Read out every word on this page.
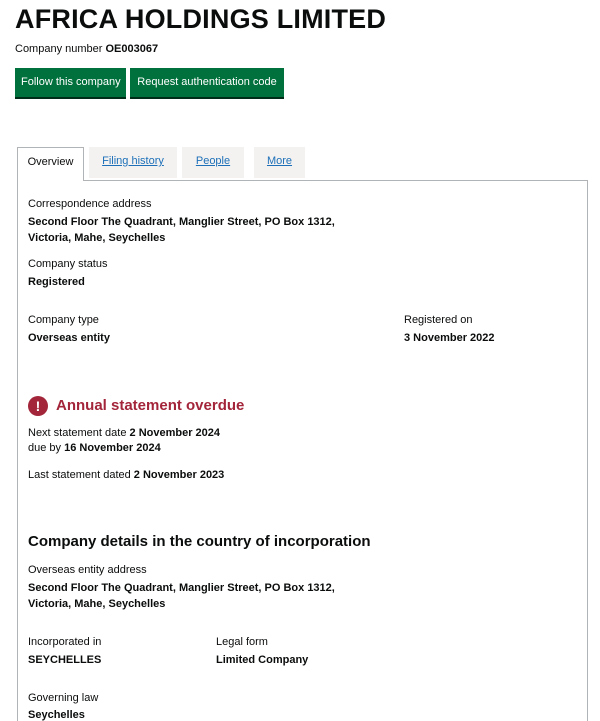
AFRICA HOLDINGS LIMITED

Company number OE003067

Follow this company	Request authentication code
Overview	Filing history	People	More
Correspondence address
Second Floor The Quadrant, Manglier Street, PO Box 1312,
Victoria, Mahe, Seychelles
Company status
Registered
Company type
Overseas entity
Registered on
3 November 2022
!	Annual statement overdue
Next statement date 2 November 2024
due by 16 November 2024
Last statement dated 2 November 2023
Company details in the country of incorporation
Overseas entity address
Second Floor The Quadrant, Manglier Street, PO Box 1312,
Victoria, Mahe, Seychelles
Incorporated in
SEYCHELLES
Legal form
Limited Company
Governing law
Seychelles
